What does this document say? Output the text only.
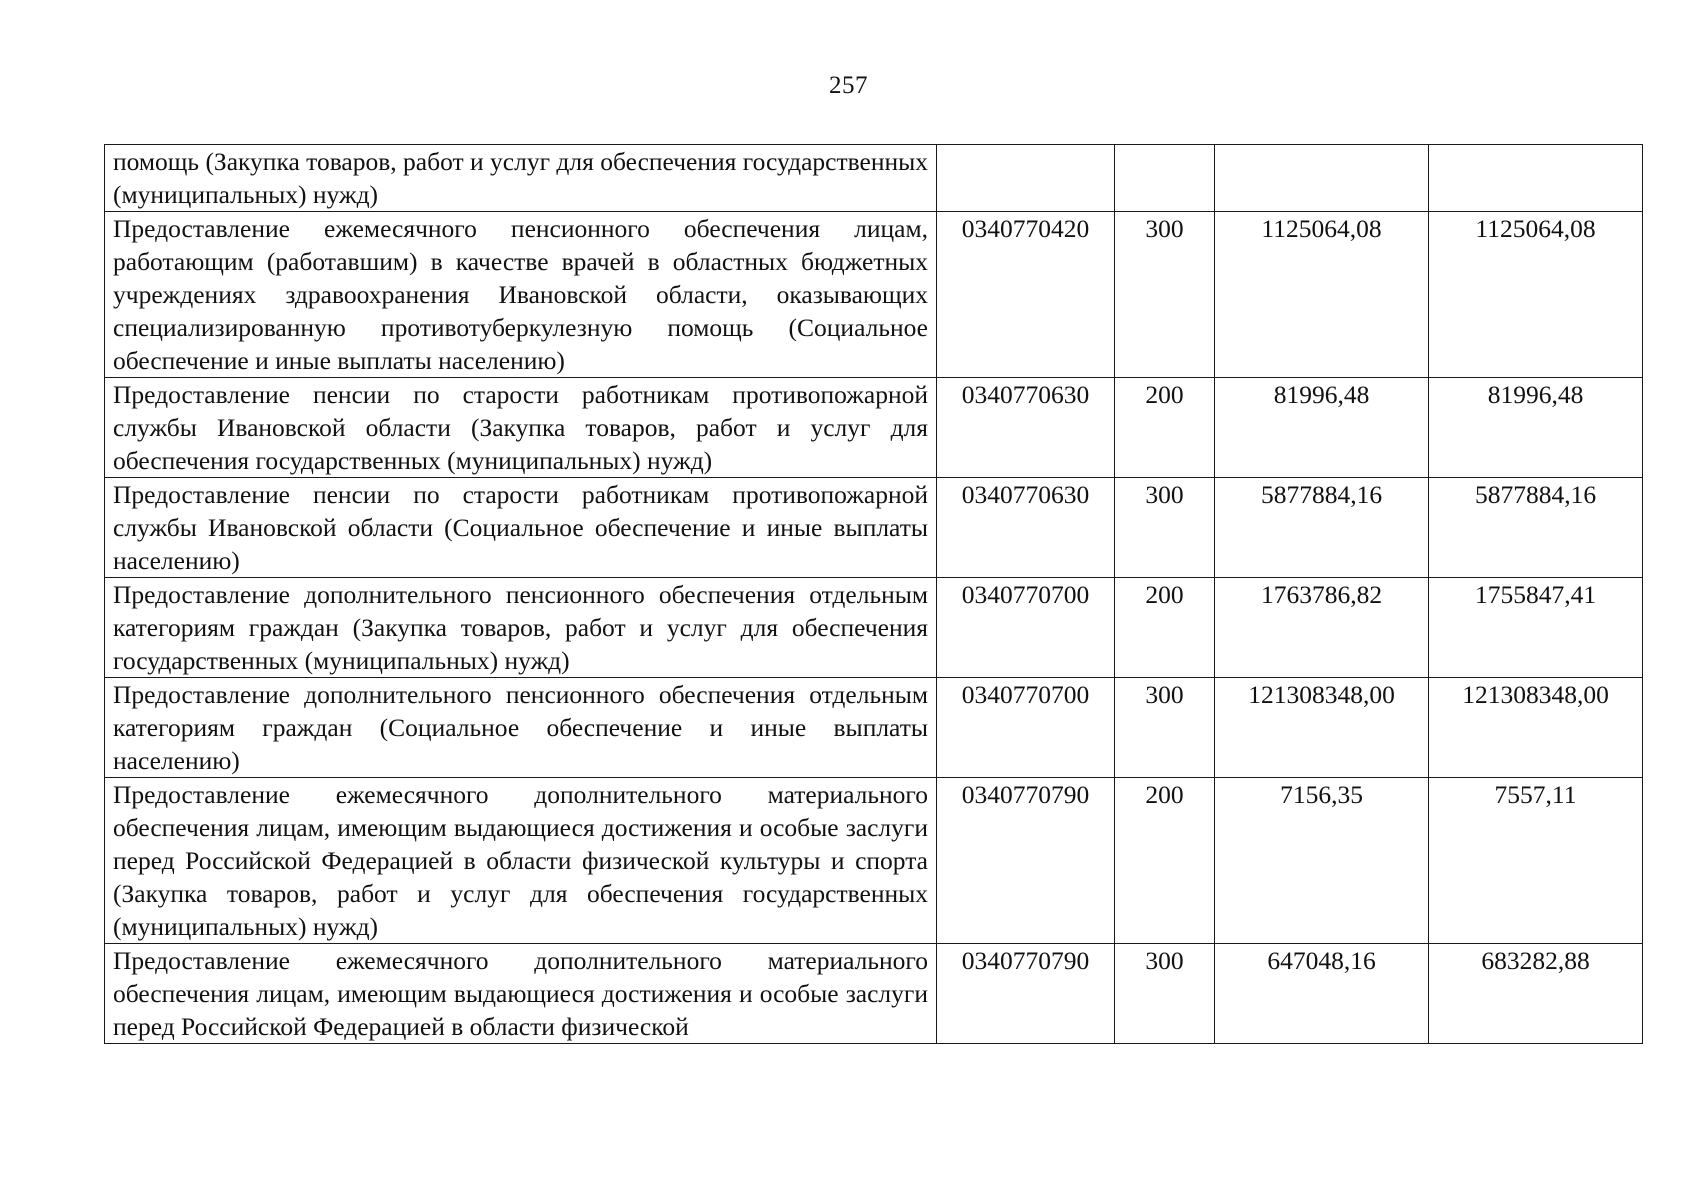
257
помощь (Закупка товаров, работ и услуг для обеспечения государственных (муниципальных) нужд)				
Предоставление ежемесячного пенсионного обеспечения лицам, работающим (работавшим) в качестве врачей в областных бюджетных учреждениях здравоохранения Ивановской области, оказывающих специализированную противотуберкулезную помощь (Социальное обеспечение и иные выплаты населению)	0340770420	300	1125064,08	1125064,08
Предоставление пенсии по старости работникам противопожарной службы Ивановской области (Закупка товаров, работ и услуг для обеспечения государственных (муниципальных) нужд)	0340770630	200	81996,48	81996,48
Предоставление пенсии по старости работникам противопожарной службы Ивановской области (Социальное обеспечение и иные выплаты населению)	0340770630	300	5877884,16	5877884,16
Предоставление дополнительного пенсионного обеспечения отдельным категориям граждан (Закупка товаров, работ и услуг для обеспечения государственных (муниципальных) нужд)	0340770700	200	1763786,82	1755847,41
Предоставление дополнительного пенсионного обеспечения отдельным категориям граждан (Социальное обеспечение и иные выплаты населению)	0340770700	300	121308348,00	121308348,00
Предоставление ежемесячного дополнительного материального обеспечения лицам, имеющим выдающиеся достижения и особые заслуги перед Российской Федерацией в области физической культуры и спорта (Закупка товаров, работ и услуг для обеспечения государственных (муниципальных) нужд)	0340770790	200	7156,35	7557,11
Предоставление ежемесячного дополнительного материального обеспечения лицам, имеющим выдающиеся достижения и особые заслуги перед Российской Федерацией в области физической	0340770790	300	647048,16	683282,88
